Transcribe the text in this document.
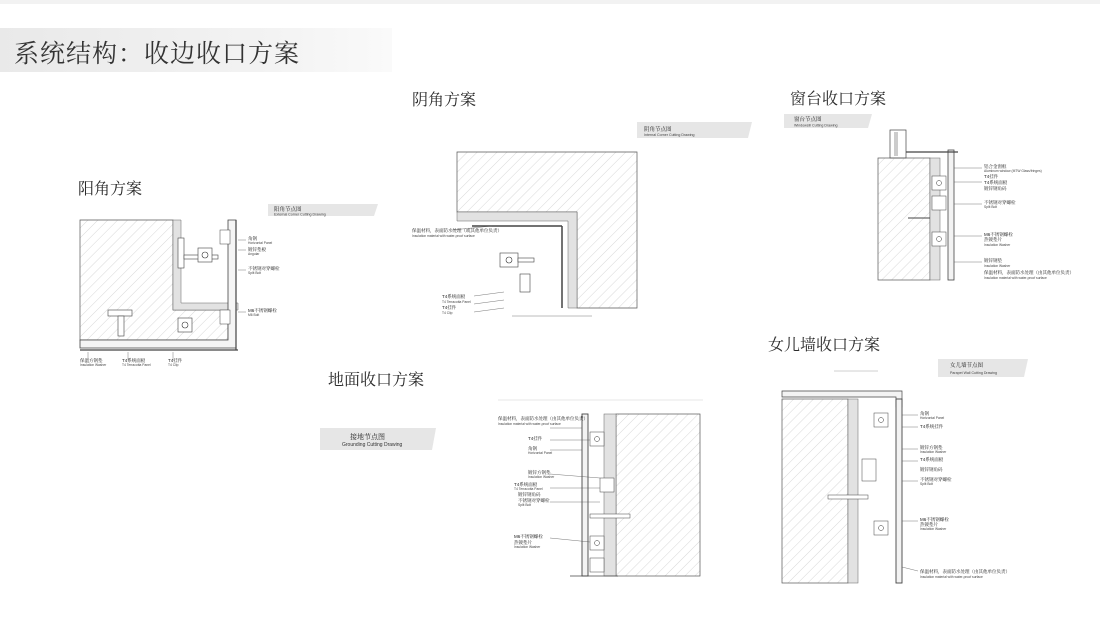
系统结构：收边收口方案
阳角方案
阴角方案	窗台收口方案
地面收口方案
女儿墙收口方案
阳角节点图
External Corner Cutting Drawing
角钢
Horizontal Panel
镀锌垫板
Angular
不锈钢对穿螺栓
Split Bolt
M6不锈钢螺栓
M6 Bolt
保温方钢垫
Insulation Washer
T4系统面板
T4 Terracotta Panel
T4挂件
T4 Clip
阴角节点图
Internal Corner Cutting Drawing
保温材料，表面防水处理（或其他单位负责）
Insulation material with water-proof surface
T4系统面板
T4 Terracotta Panel
T4挂件
T4 Clip
窗台节点图
Windowsill Cutting Drawing
铝合金窗框
Aluminum window (MTW Glass/fringes)
T4挂件
T4系统面板
镀锌钢角码
不锈钢对穿螺栓
Split Bolt
M6不锈钢螺栓
热镀垫片
Insulation Washer
镀锌钢垫
Insulation Washer
保温材料，表面防水处理（由其他单位负责）
Insulation material with water-proof surface
接地节点图
Grounding Cutting Drawing
保温材料，表面防水处理（由其他单位负责）
Insulation material with water-proof surface
T4挂件
角钢
Horizontal Panel
镀锌方钢垫
Insulation Washer
T4系统面板
T4 Terracotta Panel
镀锌钢角码
不锈钢对穿螺栓
Split Bolt
M6不锈钢螺栓
热镀垫片
Insulation Washer
女儿墙节点图
Parapet Wall Cutting Drawing
角钢
Horizontal Panel
T4系统挂件
镀锌方钢垫
Insulation Washer
T4系统面板
镀锌钢角码
不锈钢对穿螺栓
Split Bolt
M6不锈钢螺栓
热镀垫片
Insulation Washer
保温材料，表面防水处理（由其他单位负责）
Insulation material with water-proof surface
